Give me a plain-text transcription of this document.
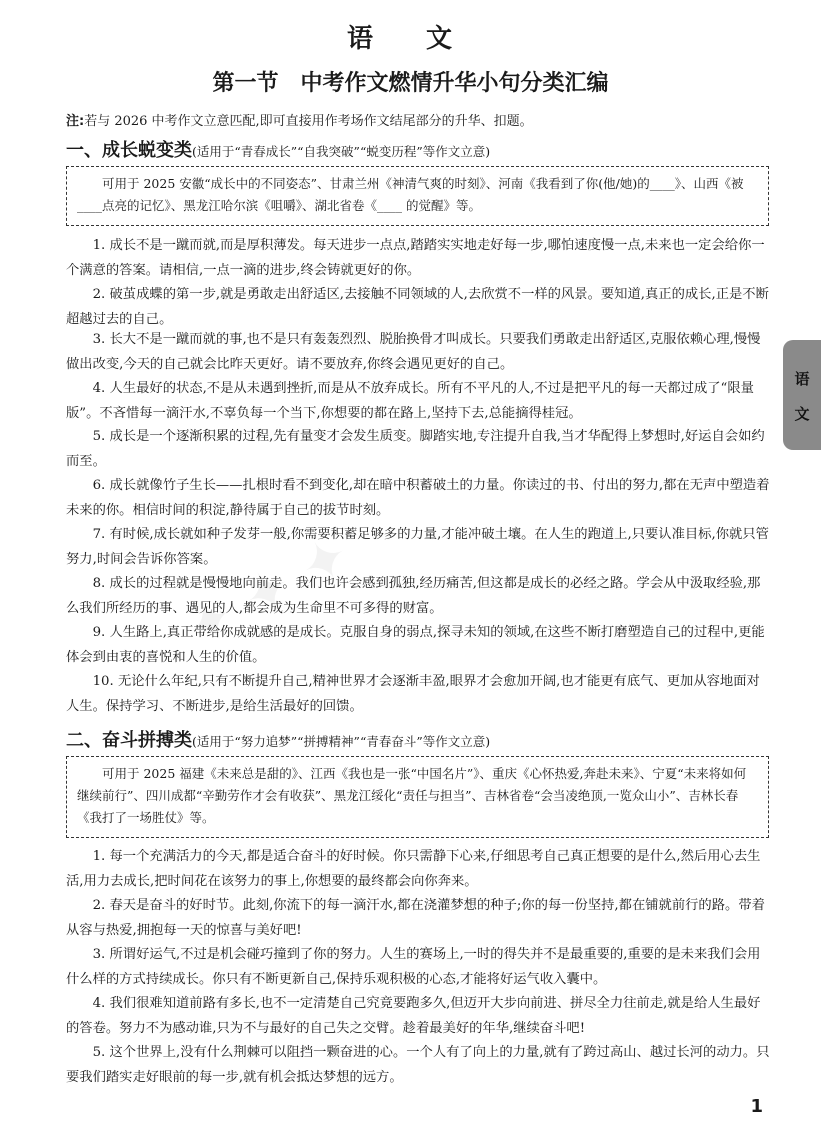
语 文
第一节　中考作文燃情升华小句分类汇编
注:若与 2026 中考作文立意匹配,即可直接用作考场作文结尾部分的升华、扣题。
一、成长蜕变类(适用于“青春成长”“自我突破”“蜕变历程”等作文立意)

可用于 2025 安徽“成长中的不同姿态”、甘肃兰州《神清气爽的时刻》、河南《我看到了你(他/她)的____》、山西《被____点亮的记忆》、黑龙江哈尔滨《咀嚼》、湖北省卷《____ 的觉醒》等。

1. 成长不是一蹴而就,而是厚积薄发。每天进步一点点,踏踏实实地走好每一步,哪怕速度慢一点,未来也一定会给你一个满意的答案。请相信,一点一滴的进步,终会铸就更好的你。

2. 破茧成蝶的第一步,就是勇敢走出舒适区,去接触不同领域的人,去欣赏不一样的风景。要知道,真正的成长,正是不断超越过去的自己。

3. 长大不是一蹴而就的事,也不是只有轰轰烈烈、脱胎换骨才叫成长。只要我们勇敢走出舒适区,克服依赖心理,慢慢做出改变,今天的自己就会比昨天更好。请不要放弃,你终会遇见更好的自己。

4. 人生最好的状态,不是从未遇到挫折,而是从不放弃成长。所有不平凡的人,不过是把平凡的每一天都过成了“限量版”。不吝惜每一滴汗水,不辜负每一个当下,你想要的都在路上,坚持下去,总能摘得桂冠。

5. 成长是一个逐渐积累的过程,先有量变才会发生质变。脚踏实地,专注提升自我,当才华配得上梦想时,好运自会如约而至。

6. 成长就像竹子生长——扎根时看不到变化,却在暗中积蓄破土的力量。你读过的书、付出的努力,都在无声中塑造着未来的你。相信时间的积淀,静待属于自己的拔节时刻。

7. 有时候,成长就如种子发芽一般,你需要积蓄足够多的力量,才能冲破土壤。在人生的跑道上,只要认准目标,你就只管努力,时间会告诉你答案。

8. 成长的过程就是慢慢地向前走。我们也许会感到孤独,经历痛苦,但这都是成长的必经之路。学会从中汲取经验,那么我们所经历的事、遇见的人,都会成为生命里不可多得的财富。

9. 人生路上,真正带给你成就感的是成长。克服自身的弱点,探寻未知的领域,在这些不断打磨塑造自己的过程中,更能体会到由衷的喜悦和人生的价值。

10. 无论什么年纪,只有不断提升自己,精神世界才会逐渐丰盈,眼界才会愈加开阔,也才能更有底气、更加从容地面对人生。保持学习、不断进步,是给生活最好的回馈。

二、奋斗拼搏类(适用于“努力追梦”“拼搏精神”“青春奋斗”等作文立意)

可用于 2025 福建《未来总是甜的》、江西《我也是一张“中国名片”》、重庆《心怀热爱,奔赴未来》、宁夏“未来将如何继续前行”、四川成都“辛勤劳作才会有收获”、黑龙江绥化“责任与担当”、吉林省卷“会当凌绝顶,一览众山小”、吉林长春《我打了一场胜仗》等。

1. 每一个充满活力的今天,都是适合奋斗的好时候。你只需静下心来,仔细思考自己真正想要的是什么,然后用心去生活,用力去成长,把时间花在该努力的事上,你想要的最终都会向你奔来。

2. 春天是奋斗的好时节。此刻,你流下的每一滴汗水,都在浇灌梦想的种子;你的每一份坚持,都在铺就前行的路。带着从容与热爱,拥抱每一天的惊喜与美好吧!

3. 所谓好运气,不过是机会碰巧撞到了你的努力。人生的赛场上,一时的得失并不是最重要的,重要的是未来我们会用什么样的方式持续成长。你只有不断更新自己,保持乐观积极的心态,才能将好运气收入囊中。

4. 我们很难知道前路有多长,也不一定清楚自己究竟要跑多久,但迈开大步向前进、拼尽全力往前走,就是给人生最好的答卷。努力不为感动谁,只为不与最好的自己失之交臂。趁着最美好的年华,继续奋斗吧!

5. 这个世界上,没有什么荆棘可以阻挡一颗奋进的心。一个人有了向上的力量,就有了跨过高山、越过长河的动力。只要我们踏实走好眼前的每一步,就有机会抵达梦想的远方。

语
文
1
